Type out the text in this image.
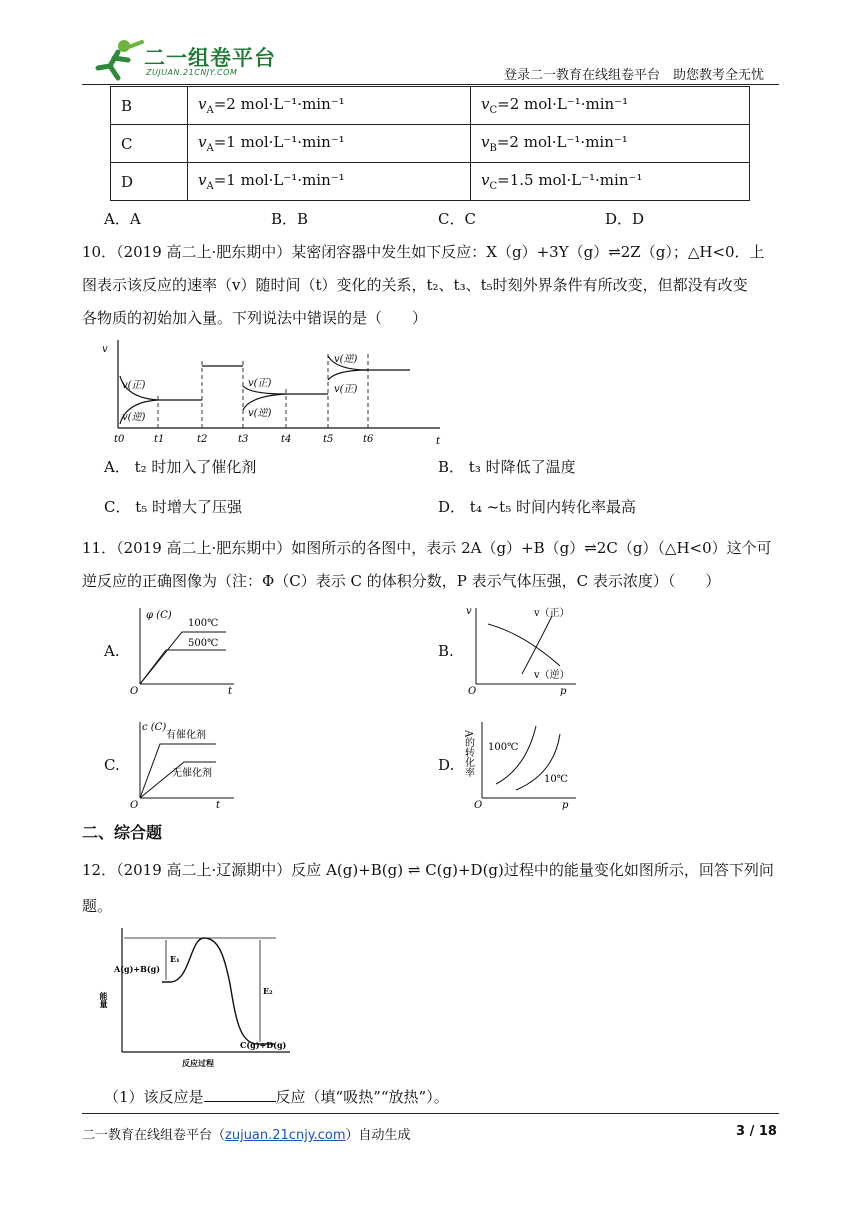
二一组卷平台
ZUJUAN.21CNJY.COM	登录二一教育在线组卷平台　助您教考全无忧
B	$v_A=2$ mol·L⁻¹·min⁻¹	$v_C=2$ mol·L⁻¹·min⁻¹
C	$v_A=1$ mol·L⁻¹·min⁻¹	$v_B=2$ mol·L⁻¹·min⁻¹
D	$v_A=1$ mol·L⁻¹·min⁻¹	$v_C=1.5$ mol·L⁻¹·min⁻¹
A．A	B．B	C．C	D．D
10．（2019 高二上·肥东期中）某密闭容器中发生如下反应：X（g）+3Y（g）⇌2Z（g）；△H<0．上
图表示该反应的速率（v）随时间（t）变化的关系，t₂、t₃、t₅时刻外界条件有所改变，但都没有改变
各物质的初始加入量。下列说法中错误的是（　　）
v
t
v(正)
v(逆)
v(正)
v(逆)
v(逆)
v(正)
t0	t1	t2	t3	t4	t5	t6
A． t₂ 时加入了催化剂	B． t₃ 时降低了温度
C． t₅ 时增大了压强	D． t₄ ~t₅ 时间内转化率最高
11．（2019 高二上·肥东期中）如图所示的各图中，表示 2A（g）+B（g）⇌2C（g）（△H<0）这个可
逆反应的正确图像为（注：Φ（C）表示 C 的体积分数，P 表示气体压强，C 表示浓度）（　　）
A.
φ (C)
O	t
100℃
500℃	B.
v
O	p
v（正）
v（逆）
C.
c (C)
O	t
有催化剂
无催化剂	D. A的转化率
O	p
100℃
10℃
二、综合题
12．（2019 高二上·辽源期中）反应 A(g)+B(g) ⇌ C(g)+D(g)过程中的能量变化如图所示，回答下列问
题。
能量
反应过程
A(g)+B(g)
C(g)+D(g)
E₁
E₂
（1）该反应是	反应（填“吸热”“放热”）。
二一教育在线组卷平台（zujuan.21cnjy.com）自动生成	3 / 18
